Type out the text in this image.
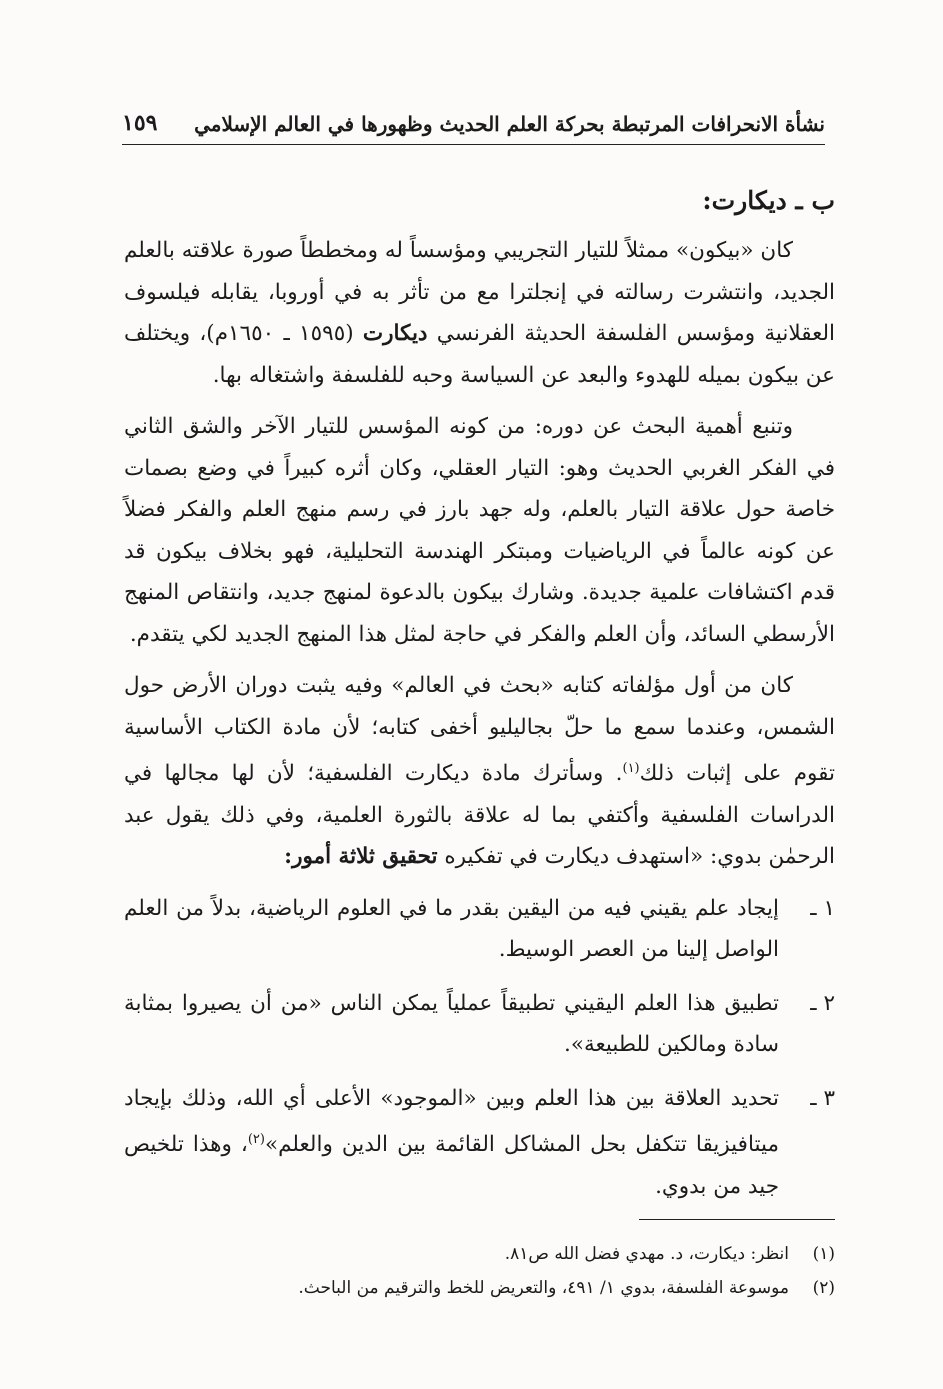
نشأة الانحرافات المرتبطة بحركة العلم الحديث وظهورها في العالم الإسلامي
١٥٩
ب ـ ديكارت:

كان «بيكون» ممثلاً للتيار التجريبي ومؤسساً له ومخططاً صورة علاقته بالعلم الجديد، وانتشرت رسالته في إنجلترا مع من تأثر به في أوروبا، يقابله فيلسوف العقلانية ومؤسس الفلسفة الحديثة الفرنسي ديكارت (١٥٩٥ ـ ١٦٥٠م)، ويختلف عن بيكون بميله للهدوء والبعد عن السياسة وحبه للفلسفة واشتغاله بها.

وتنبع أهمية البحث عن دوره: من كونه المؤسس للتيار الآخر والشق الثاني في الفكر الغربي الحديث وهو: التيار العقلي، وكان أثره كبيراً في وضع بصمات خاصة حول علاقة التيار بالعلم، وله جهد بارز في رسم منهج العلم والفكر فضلاً عن كونه عالماً في الرياضيات ومبتكر الهندسة التحليلية، فهو بخلاف بيكون قد قدم اكتشافات علمية جديدة. وشارك بيكون بالدعوة لمنهج جديد، وانتقاص المنهج الأرسطي السائد، وأن العلم والفكر في حاجة لمثل هذا المنهج الجديد لكي يتقدم.

كان من أول مؤلفاته كتابه «بحث في العالم» وفيه يثبت دوران الأرض حول الشمس، وعندما سمع ما حلّ بجاليليو أخفى كتابه؛ لأن مادة الكتاب الأساسية تقوم على إثبات ذلك$^{(١)}$. وسأترك مادة ديكارت الفلسفية؛ لأن لها مجالها في الدراسات الفلسفية وأكتفي بما له علاقة بالثورة العلمية، وفي ذلك يقول عبد الرحمٰن بدوي: «استهدف ديكارت في تفكيره تحقيق ثلاثة أمور:

١ ـ
إيجاد علم يقيني فيه من اليقين بقدر ما في العلوم الرياضية، بدلاً من العلم الواصل إلينا من العصر الوسيط.
٢ ـ
تطبيق هذا العلم اليقيني تطبيقاً عملياً يمكن الناس «من أن يصيروا بمثابة سادة ومالكين للطبيعة».
٣ ـ
تحديد العلاقة بين هذا العلم وبين «الموجود» الأعلى أي الله، وذلك بإيجاد ميتافيزيقا تتكفل بحل المشاكل القائمة بين الدين والعلم»$^{(٢)}$، وهذا تلخيص جيد من بدوي.
(١)
انظر: ديكارت، د. مهدي فضل الله ص٨١.
(٢)
موسوعة الفلسفة، بدوي ١/ ٤٩١، والتعريض للخط والترقيم من الباحث.
